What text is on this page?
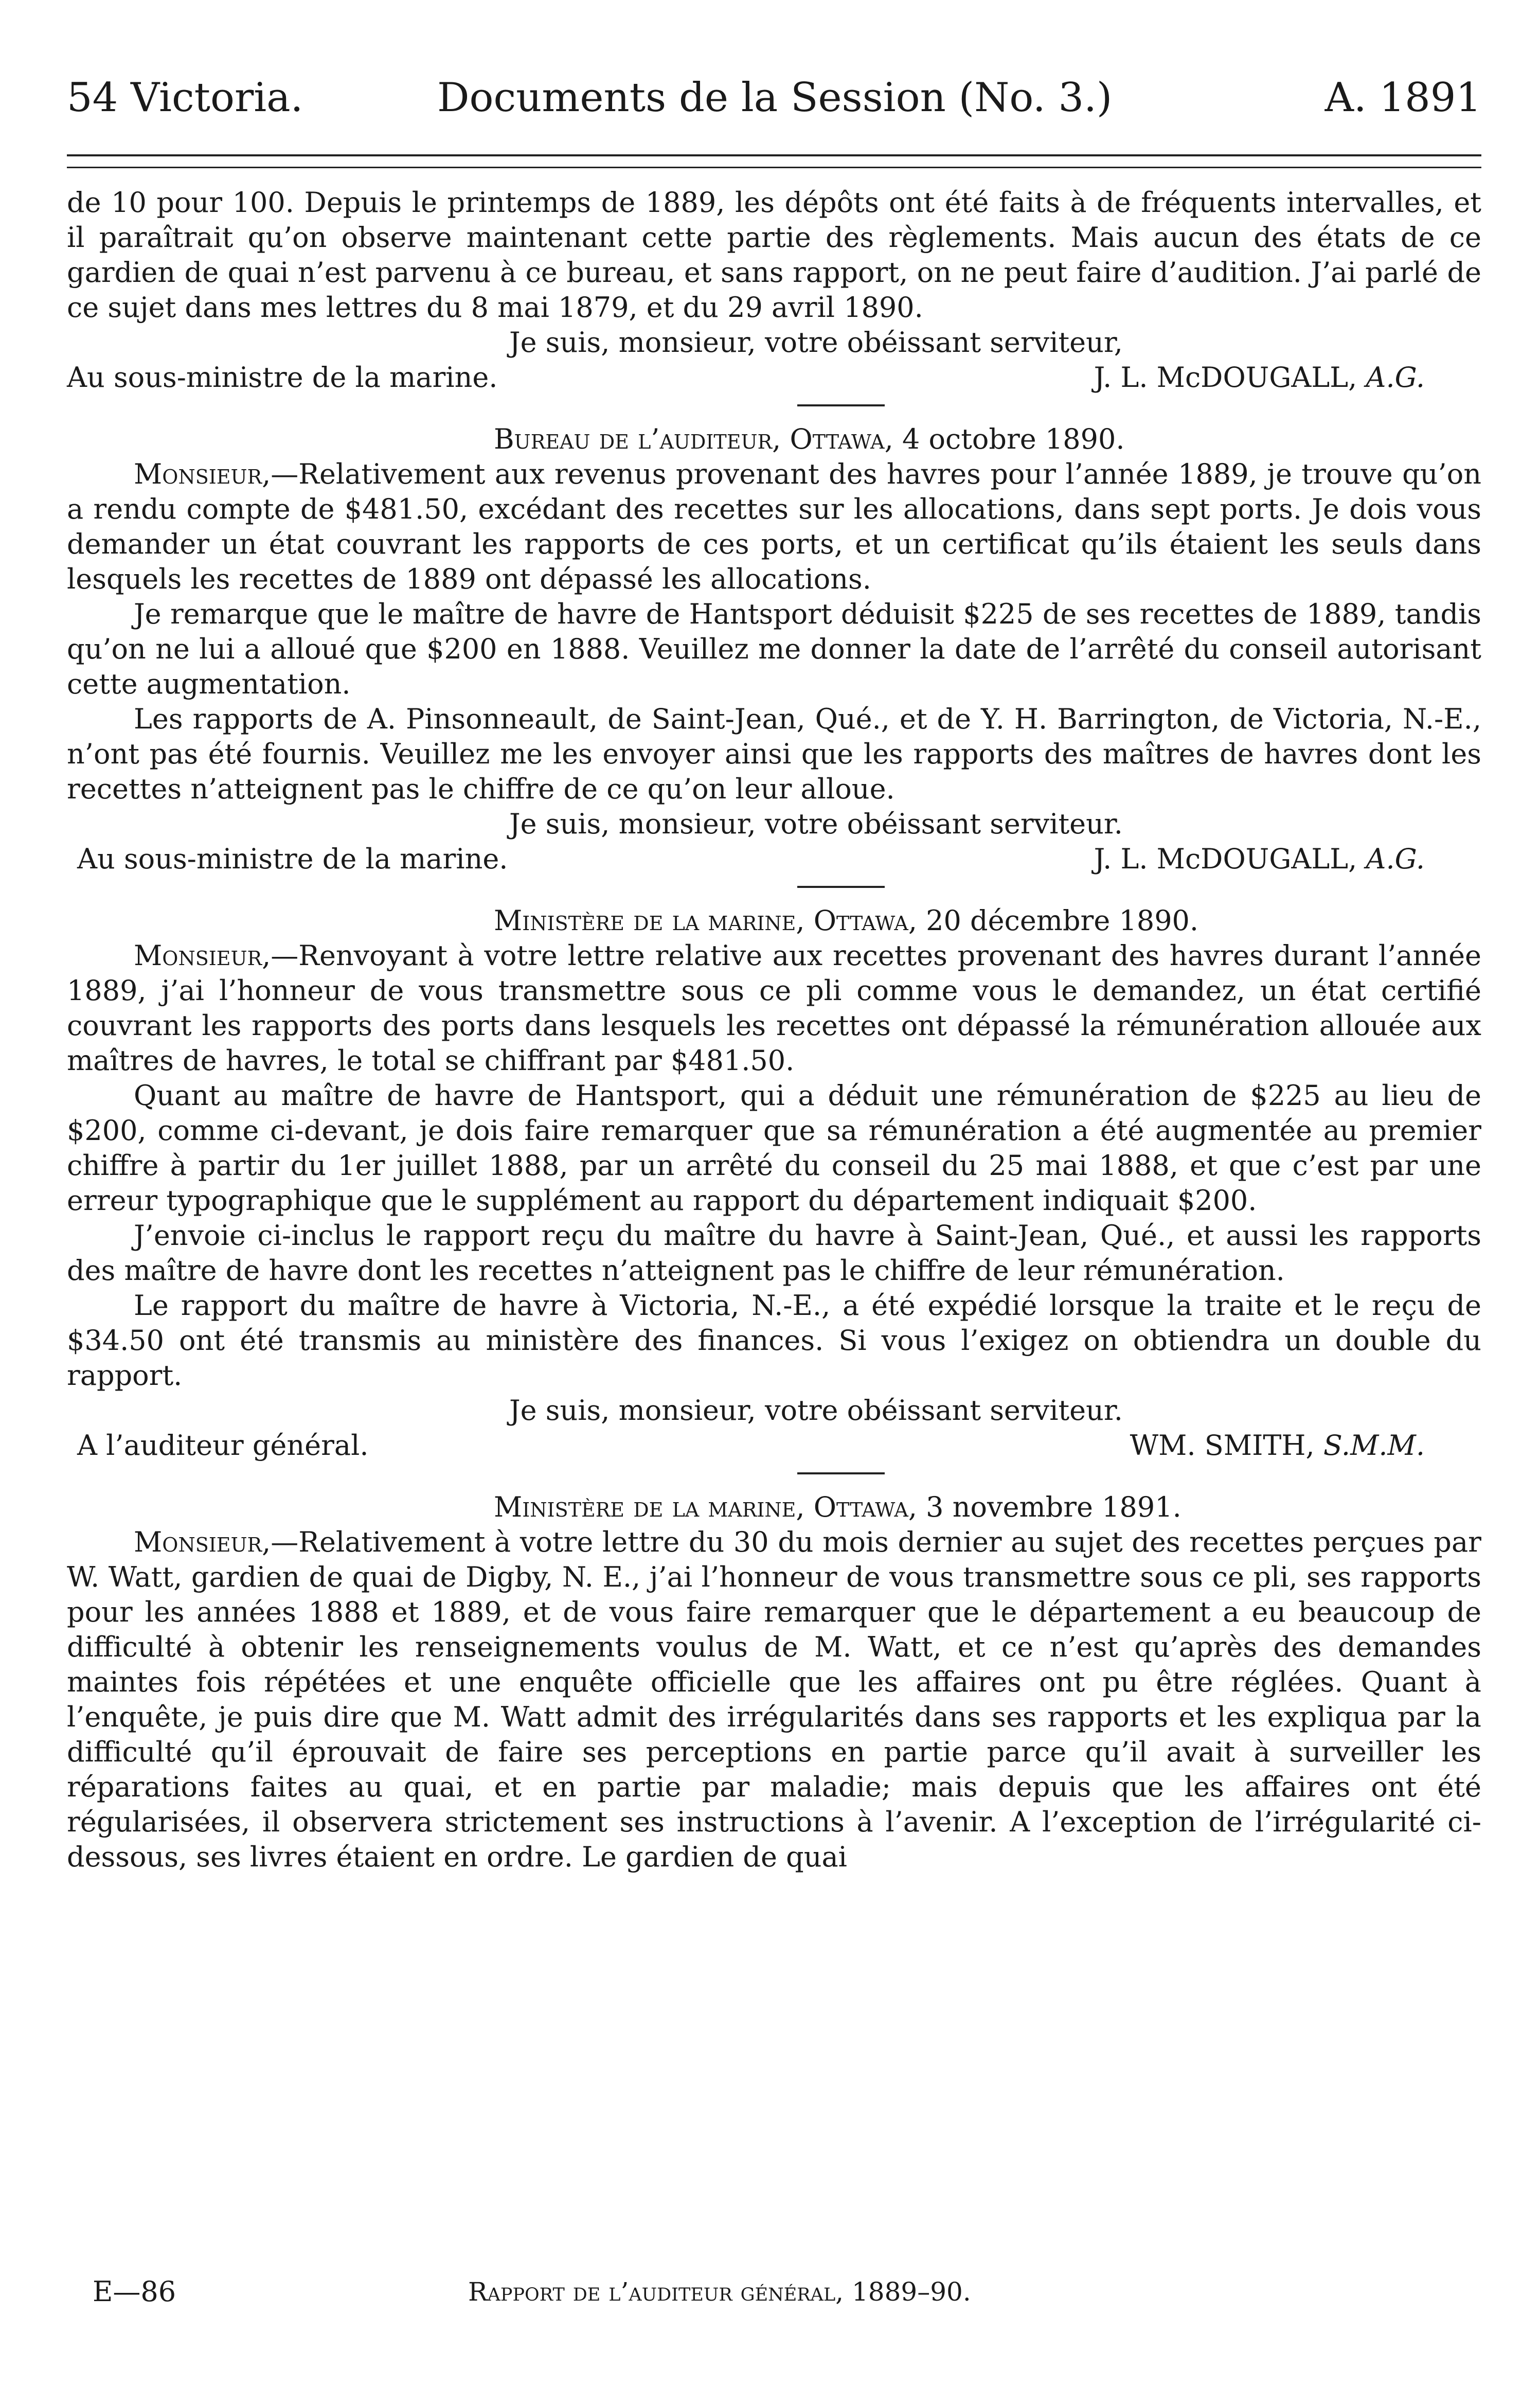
54 Victoria.	Documents de la Session (No. 3.)	A. 1891

de 10 pour 100. Depuis le printemps de 1889, les dépôts ont été faits à de fréquents intervalles, et il paraîtrait qu’on observe maintenant cette partie des règlements. Mais aucun des états de ce gardien de quai n’est parvenu à ce bureau, et sans rapport, on ne peut faire d’audition. J’ai parlé de ce sujet dans mes lettres du 8 mai 1879, et du 29 avril 1890.

Je suis, monsieur, votre obéissant serviteur,

Au sous-ministre de la marine.	J. L. McDOUGALL, A.G.

Bureau de l’auditeur, Ottawa, 4 octobre 1890.

Monsieur,—Relativement aux revenus provenant des havres pour l’année 1889, je trouve qu’on a rendu compte de $481.50, excédant des recettes sur les allocations, dans sept ports. Je dois vous demander un état couvrant les rapports de ces ports, et un certificat qu’ils étaient les seuls dans lesquels les recettes de 1889 ont dépassé les allocations.

Je remarque que le maître de havre de Hantsport déduisit $225 de ses recettes de 1889, tandis qu’on ne lui a alloué que $200 en 1888. Veuillez me donner la date de l’arrêté du conseil autorisant cette augmentation.

Les rapports de A. Pinsonneault, de Saint-Jean, Qué., et de Y. H. Barrington, de Victoria, N.-E., n’ont pas été fournis. Veuillez me les envoyer ainsi que les rapports des maîtres de havres dont les recettes n’atteignent pas le chiffre de ce qu’on leur alloue.

Je suis, monsieur, votre obéissant serviteur.

Au sous-ministre de la marine.	J. L. McDOUGALL, A.G.

Ministère de la marine, Ottawa, 20 décembre 1890.

Monsieur,—Renvoyant à votre lettre relative aux recettes provenant des havres durant l’année 1889, j’ai l’honneur de vous transmettre sous ce pli comme vous le demandez, un état certifié couvrant les rapports des ports dans lesquels les recettes ont dépassé la rémunération allouée aux maîtres de havres, le total se chiffrant par $481.50.

Quant au maître de havre de Hantsport, qui a déduit une rémunération de $225 au lieu de $200, comme ci-devant, je dois faire remarquer que sa rémunération a été augmentée au premier chiffre à partir du 1er juillet 1888, par un arrêté du conseil du 25 mai 1888, et que c’est par une erreur typographique que le supplément au rapport du département indiquait $200.

J’envoie ci-inclus le rapport reçu du maître du havre à Saint-Jean, Qué., et aussi les rapports des maître de havre dont les recettes n’atteignent pas le chiffre de leur rémunération.

Le rapport du maître de havre à Victoria, N.-E., a été expédié lorsque la traite et le reçu de $34.50 ont été transmis au ministère des finances. Si vous l’exigez on obtiendra un double du rapport.

Je suis, monsieur, votre obéissant serviteur.

A l’auditeur général.	WM. SMITH, S.M.M.

Ministère de la marine, Ottawa, 3 novembre 1891.

Monsieur,—Relativement à votre lettre du 30 du mois dernier au sujet des recettes perçues par W. Watt, gardien de quai de Digby, N. E., j’ai l’honneur de vous transmettre sous ce pli, ses rapports pour les années 1888 et 1889, et de vous faire remarquer que le département a eu beaucoup de difficulté à obtenir les renseignements voulus de M. Watt, et ce n’est qu’après des demandes maintes fois répétées et une enquête officielle que les affaires ont pu être réglées. Quant à l’enquête, je puis dire que M. Watt admit des irrégularités dans ses rapports et les expliqua par la difficulté qu’il éprouvait de faire ses perceptions en partie parce qu’il avait à surveiller les réparations faites au quai, et en partie par maladie; mais depuis que les affaires ont été régularisées, il observera strictement ses instructions à l’avenir. A l’exception de l’irrégularité ci-dessous, ses livres étaient en ordre. Le gardien de quai

E—86	Rapport de l’auditeur général, 1889–90.
